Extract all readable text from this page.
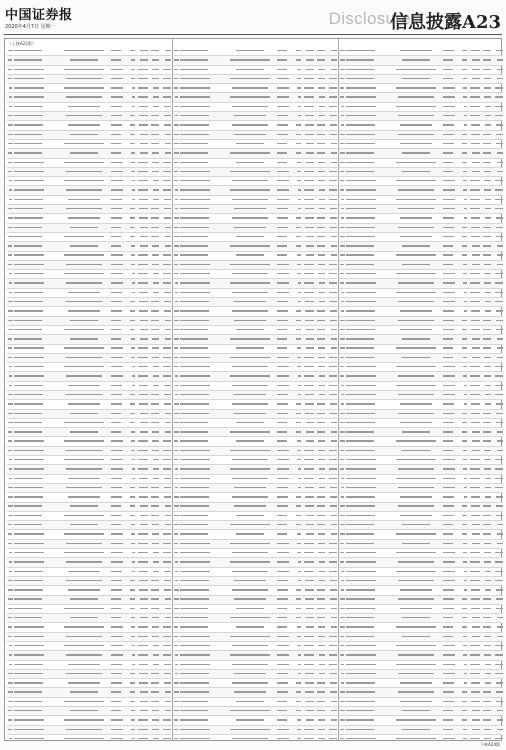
中国证券报
2020年4月7日 星期一	Disclosure
信息披露A23
（上接A22版）
下转A24版
